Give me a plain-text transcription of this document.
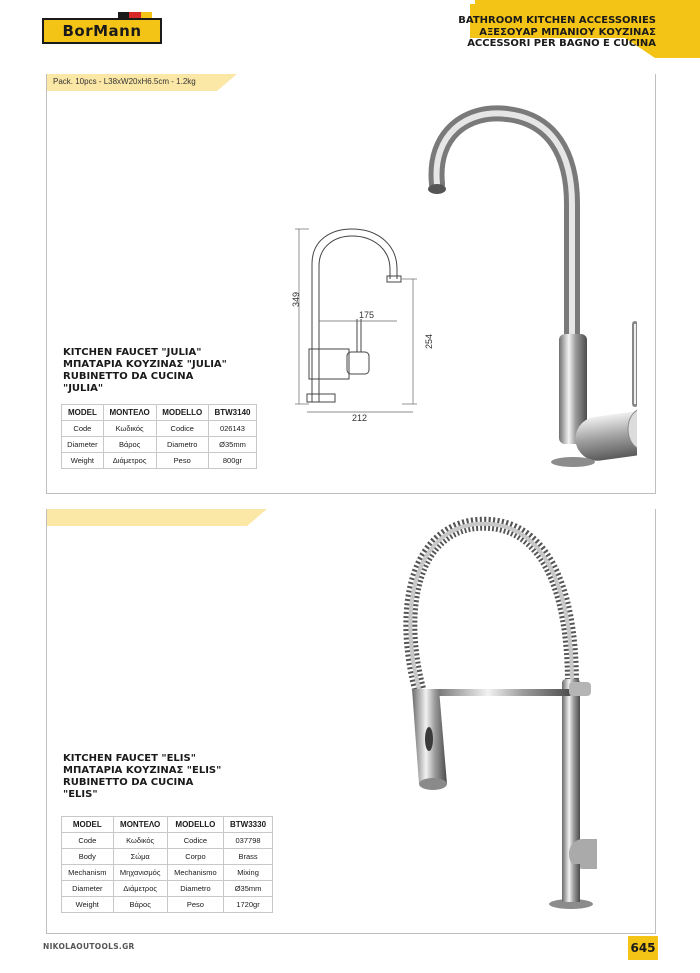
BorMann
BATHROOM KITCHEN ACCESSORIES
ΑΞΕΣΟΥΑΡ ΜΠΑΝΙΟΥ ΚΟΥΖΙΝΑΣ
ACCESSORI PER BAGNO E CUCINA
Pack. 10pcs - L38xW20xH6.5cm - 1.2kg
349
254
175
212
KITCHEN FAUCET "JULIA"
ΜΠΑΤΑΡΙΑ ΚΟΥΖΙΝΑΣ "JULIA"
RUBINETTO DA CUCINA
"JULIA"
MODEL	ΜΟΝΤΕΛΟ	MODELLO	BTW3140
Code	Κωδικός	Codice	026143
Diameter	Βάρος	Diametro	Ø35mm
Weight	Διάμετρος	Peso	800gr
KITCHEN FAUCET "ELIS"
ΜΠΑΤΑΡΙΑ ΚΟΥΖΙΝΑΣ "ELIS"
RUBINETTO DA CUCINA
"ELIS"
MODEL	ΜΟΝΤΕΛΟ	MODELLO	BTW3330
Code	Κωδικός	Codice	037798
Body	Σώμα	Corpo	Brass
Mechanism	Μηχανισμός	Mechanismo	Mixing
Diameter	Διάμετρος	Diametro	Ø35mm
Weight	Βάρος	Peso	1720gr
NIKOLAOUTOOLS.GR	645
